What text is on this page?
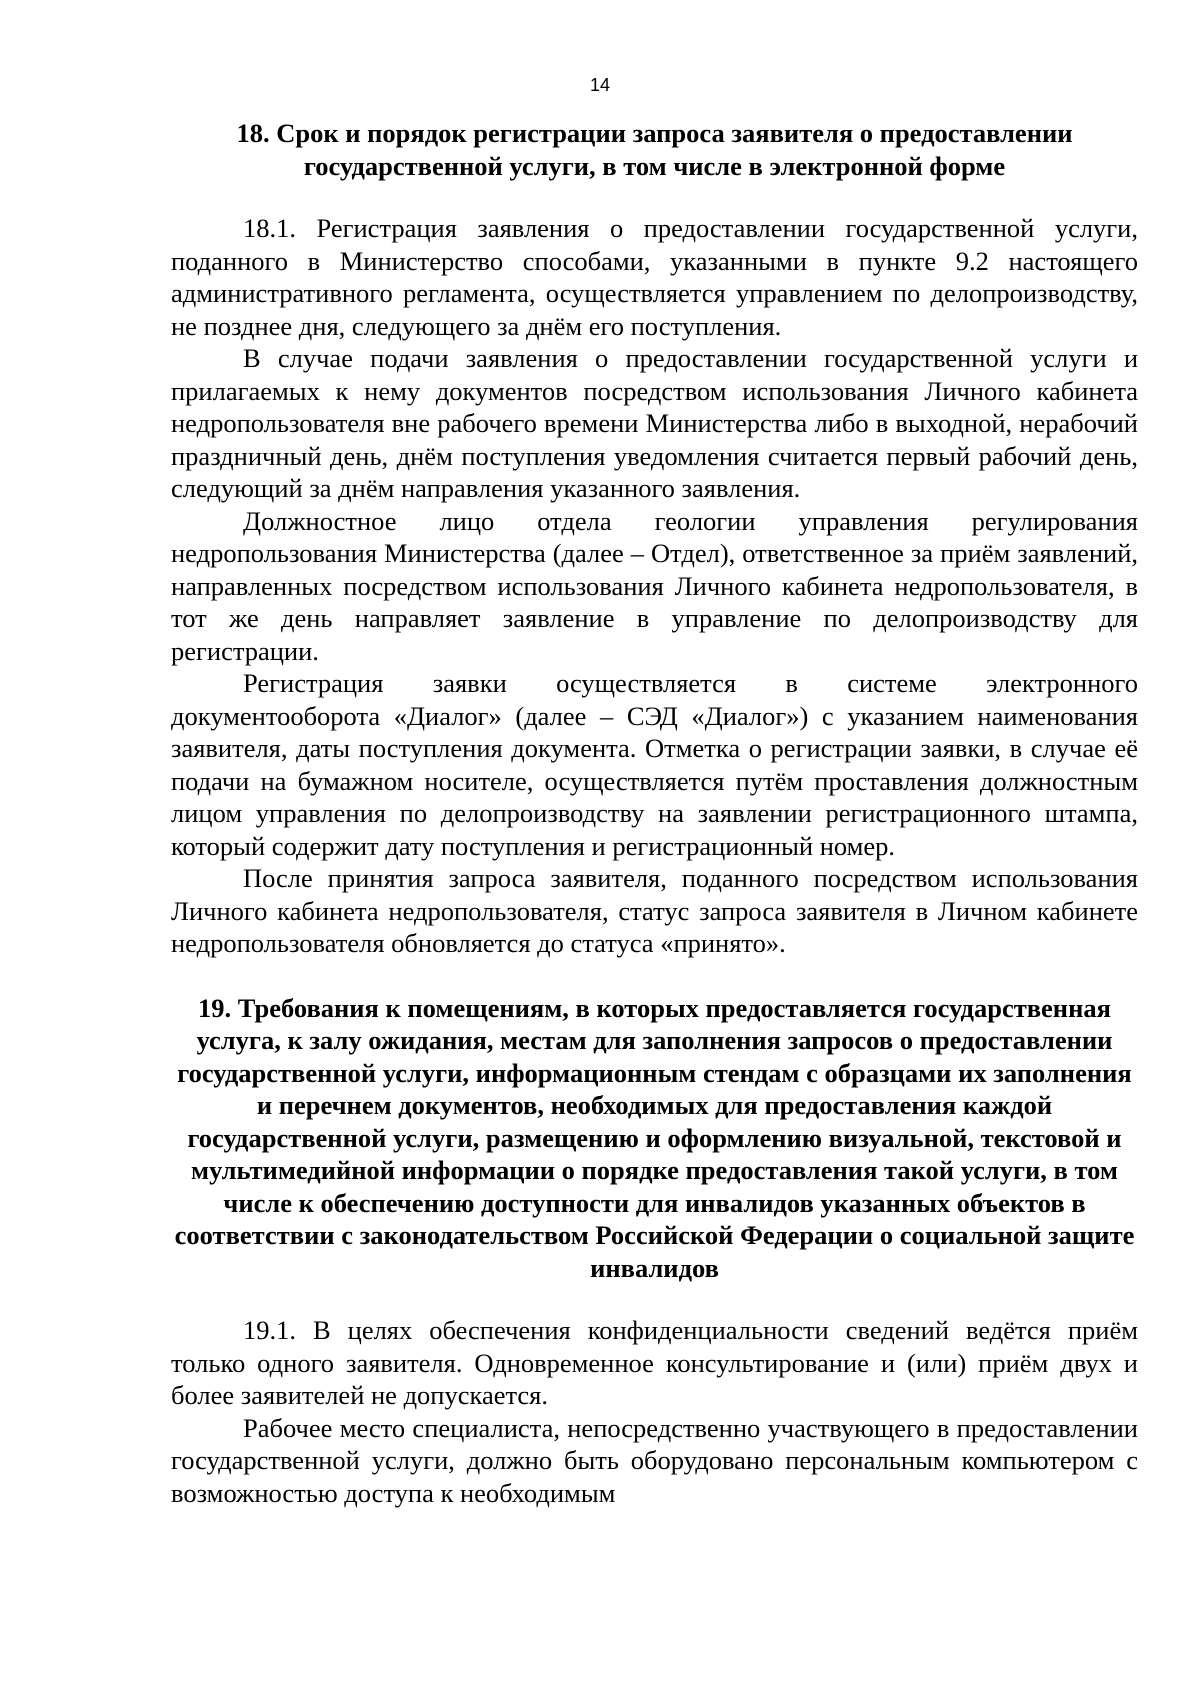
14

18. Срок и порядок регистрации запроса заявителя о предоставлении государственной услуги, в том числе в электронной форме

18.1. Регистрация заявления о предоставлении государственной услуги, поданного в Министерство способами, указанными в пункте 9.2 настоящего административного регламента, осуществляется управлением по делопроизводству, не позднее дня, следующего за днём его поступления.

В случае подачи заявления о предоставлении государственной услуги и прилагаемых к нему документов посредством использования Личного кабинета недропользователя вне рабочего времени Министерства либо в выходной, нерабочий праздничный день, днём поступления уведомления считается первый рабочий день, следующий за днём направления указанного заявления.

Должностное лицо отдела геологии управления регулирования недропользования Министерства (далее – Отдел), ответственное за приём заявлений, направленных посредством использования Личного кабинета недропользователя, в тот же день направляет заявление в управление по делопроизводству для регистрации.

Регистрация заявки осуществляется в системе электронного документооборота «Диалог» (далее – СЭД «Диалог») с указанием наименования заявителя, даты поступления документа. Отметка о регистрации заявки, в случае её подачи на бумажном носителе, осуществляется путём проставления должностным лицом управления по делопроизводству на заявлении регистрационного штампа, который содержит дату поступления и регистрационный номер.

После принятия запроса заявителя, поданного посредством использования Личного кабинета недропользователя, статус запроса заявителя в Личном кабинете недропользователя обновляется до статуса «принято».

19. Требования к помещениям, в которых предоставляется государственная услуга, к залу ожидания, местам для заполнения запросов о предоставлении государственной услуги, информационным стендам с образцами их заполнения и перечнем документов, необходимых для предоставления каждой государственной услуги, размещению и оформлению визуальной, текстовой и мультимедийной информации о порядке предоставления такой услуги, в том числе к обеспечению доступности для инвалидов указанных объектов в соответствии с законодательством Российской Федерации о социальной защите инвалидов

19.1. В целях обеспечения конфиденциальности сведений ведётся приём только одного заявителя. Одновременное консультирование и (или) приём двух и более заявителей не допускается.

Рабочее место специалиста, непосредственно участвующего в предоставлении государственной услуги, должно быть оборудовано персональным компьютером с возможностью доступа к необходимым
